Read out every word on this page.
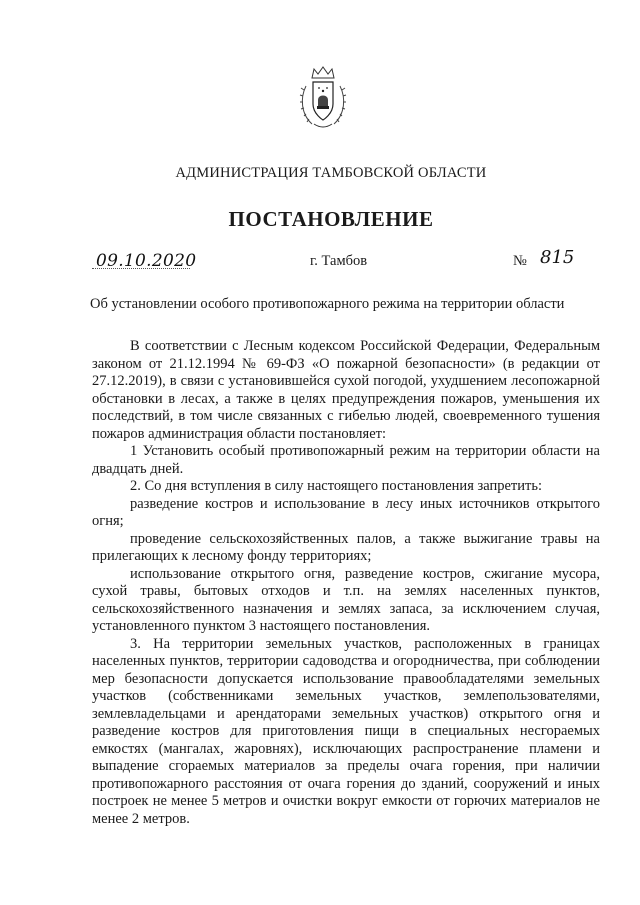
АДМИНИСТРАЦИЯ ТАМБОВСКОЙ ОБЛАСТИ
ПОСТАНОВЛЕНИЕ
09.10.2020	г. Тамбов	№ 815
Об установлении особого противопожарного режима на территории области

В соответствии с Лесным кодексом Российской Федерации, Федеральным законом от 21.12.1994 № 69-ФЗ «О пожарной безопасности» (в редакции от 27.12.2019), в связи с установившейся сухой погодой, ухудшением лесопожарной обстановки в лесах, а также в целях предупреждения пожаров, уменьшения их последствий, в том числе связанных с гибелью людей, своевременного тушения пожаров администрация области постановляет:

1 Установить особый противопожарный режим на территории области на двадцать дней.

2. Со дня вступления в силу настоящего постановления запретить:

разведение костров и использование в лесу иных источников открытого огня;

проведение сельскохозяйственных палов, а также выжигание травы на прилегающих к лесному фонду территориях;

использование открытого огня, разведение костров, сжигание мусора, сухой травы, бытовых отходов и т.п. на землях населенных пунктов, сельскохозяйственного назначения и землях запаса, за исключением случая, установленного пунктом 3 настоящего постановления.

3. На территории земельных участков, расположенных в границах населенных пунктов, территории садоводства и огородничества, при соблюдении мер безопасности допускается использование правообладателями земельных участков (собственниками земельных участков, землепользователями, землевладельцами и арендаторами земельных участков) открытого огня и разведение костров для приготовления пищи в специальных несгораемых емкостях (мангалах, жаровнях), исключающих распространение пламени и выпадение сгораемых материалов за пределы очага горения, при наличии противопожарного расстояния от очага горения до зданий, сооружений и иных построек не менее 5 метров и очистки вокруг емкости от горючих материалов не менее 2 метров.
